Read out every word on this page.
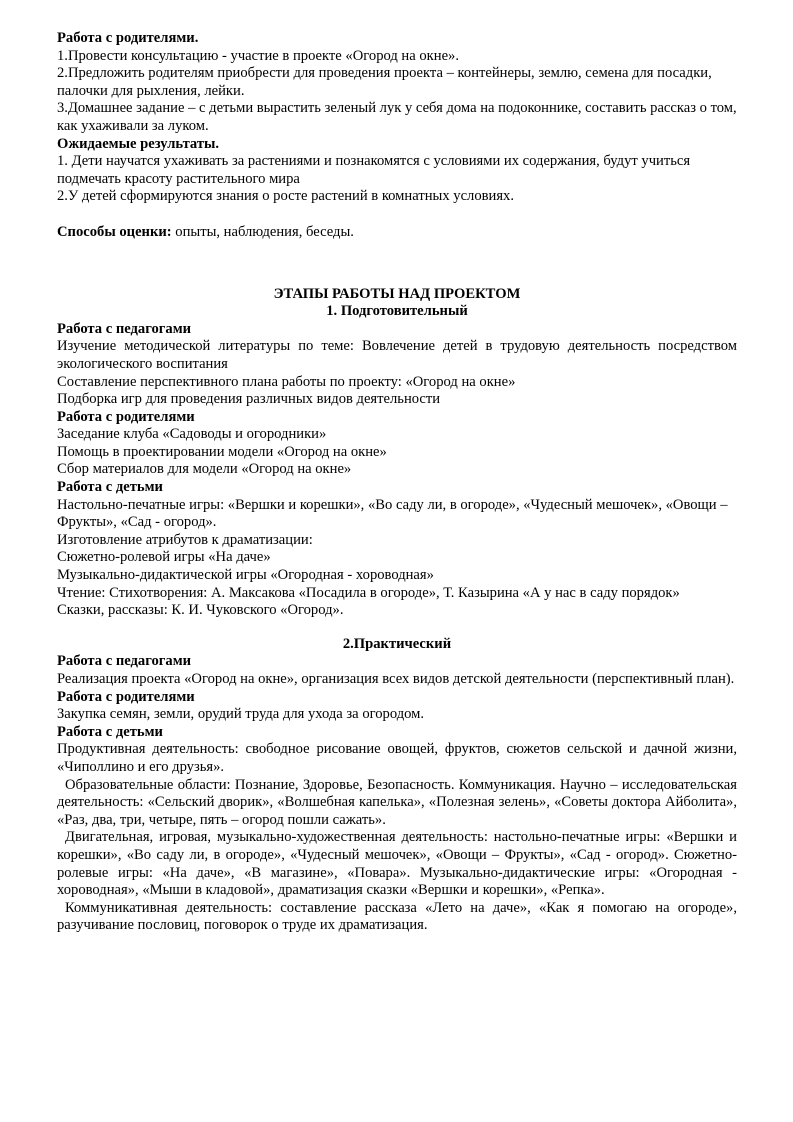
Работа с родителями.

1.Провести консультацию - участие в проекте «Огород на окне».

2.Предложить родителям приобрести для проведения проекта – контейнеры, землю, семена для посадки, палочки для рыхления, лейки.

3.Домашнее задание – с детьми вырастить зеленый лук у себя дома на подоконнике, составить рассказ о том, как ухаживали за луком.

Ожидаемые результаты.

1. Дети научатся ухаживать за растениями и познакомятся с условиями их содержания, будут учиться подмечать красоту растительного мира

2.У детей сформируются знания о росте растений в комнатных условиях.

Способы оценки: опыты, наблюдения, беседы.

ЭТАПЫ РАБОТЫ НАД ПРОЕКТОМ

1. Подготовительный

Работа с педагогами

Изучение методической литературы по теме: Вовлечение детей в трудовую деятельность посредством экологического воспитания

Составление перспективного плана работы по проекту: «Огород на окне»

Подборка игр для проведения различных видов деятельности

Работа с родителями

Заседание клуба «Садоводы и огородники»

Помощь в проектировании модели «Огород на окне»

Сбор материалов для модели «Огород на окне»

Работа с детьми

Настольно-печатные игры: «Вершки и корешки», «Во саду ли, в огороде», «Чудесный мешочек», «Овощи – Фрукты», «Сад - огород».

Изготовление атрибутов к драматизации:

Сюжетно-ролевой игры «На даче»

Музыкально-дидактической игры «Огородная - хороводная»

Чтение: Стихотворения: А. Максакова «Посадила в огороде», Т. Казырина «А у нас в саду порядок»

Сказки, рассказы: К. И. Чуковского «Огород».

2.Практический

Работа с педагогами

Реализация проекта «Огород на окне», организация всех видов детской деятельности (перспективный план).

Работа с родителями

Закупка семян, земли, орудий труда для ухода за огородом.

Работа с детьми

Продуктивная деятельность: свободное рисование овощей, фруктов, сюжетов сельской и дачной жизни, «Чиполлино и его друзья».

Образовательные области: Познание, Здоровье, Безопасность. Коммуникация. Научно – исследовательская деятельность: «Сельский дворик», «Волшебная капелька», «Полезная зелень», «Советы доктора Айболита», «Раз, два, три, четыре, пять – огород пошли сажать».

Двигательная, игровая, музыкально-художественная деятельность: настольно-печатные игры: «Вершки и корешки», «Во саду ли, в огороде», «Чудесный мешочек», «Овощи – Фрукты», «Сад - огород». Сюжетно-ролевые игры: «На даче», «В магазине», «Повара». Музыкально-дидактические игры: «Огородная - хороводная», «Мыши в кладовой», драматизация сказки «Вершки и корешки», «Репка».

Коммуникативная деятельность: составление рассказа «Лето на даче», «Как я помогаю на огороде», разучивание пословиц, поговорок о труде их драматизация.
